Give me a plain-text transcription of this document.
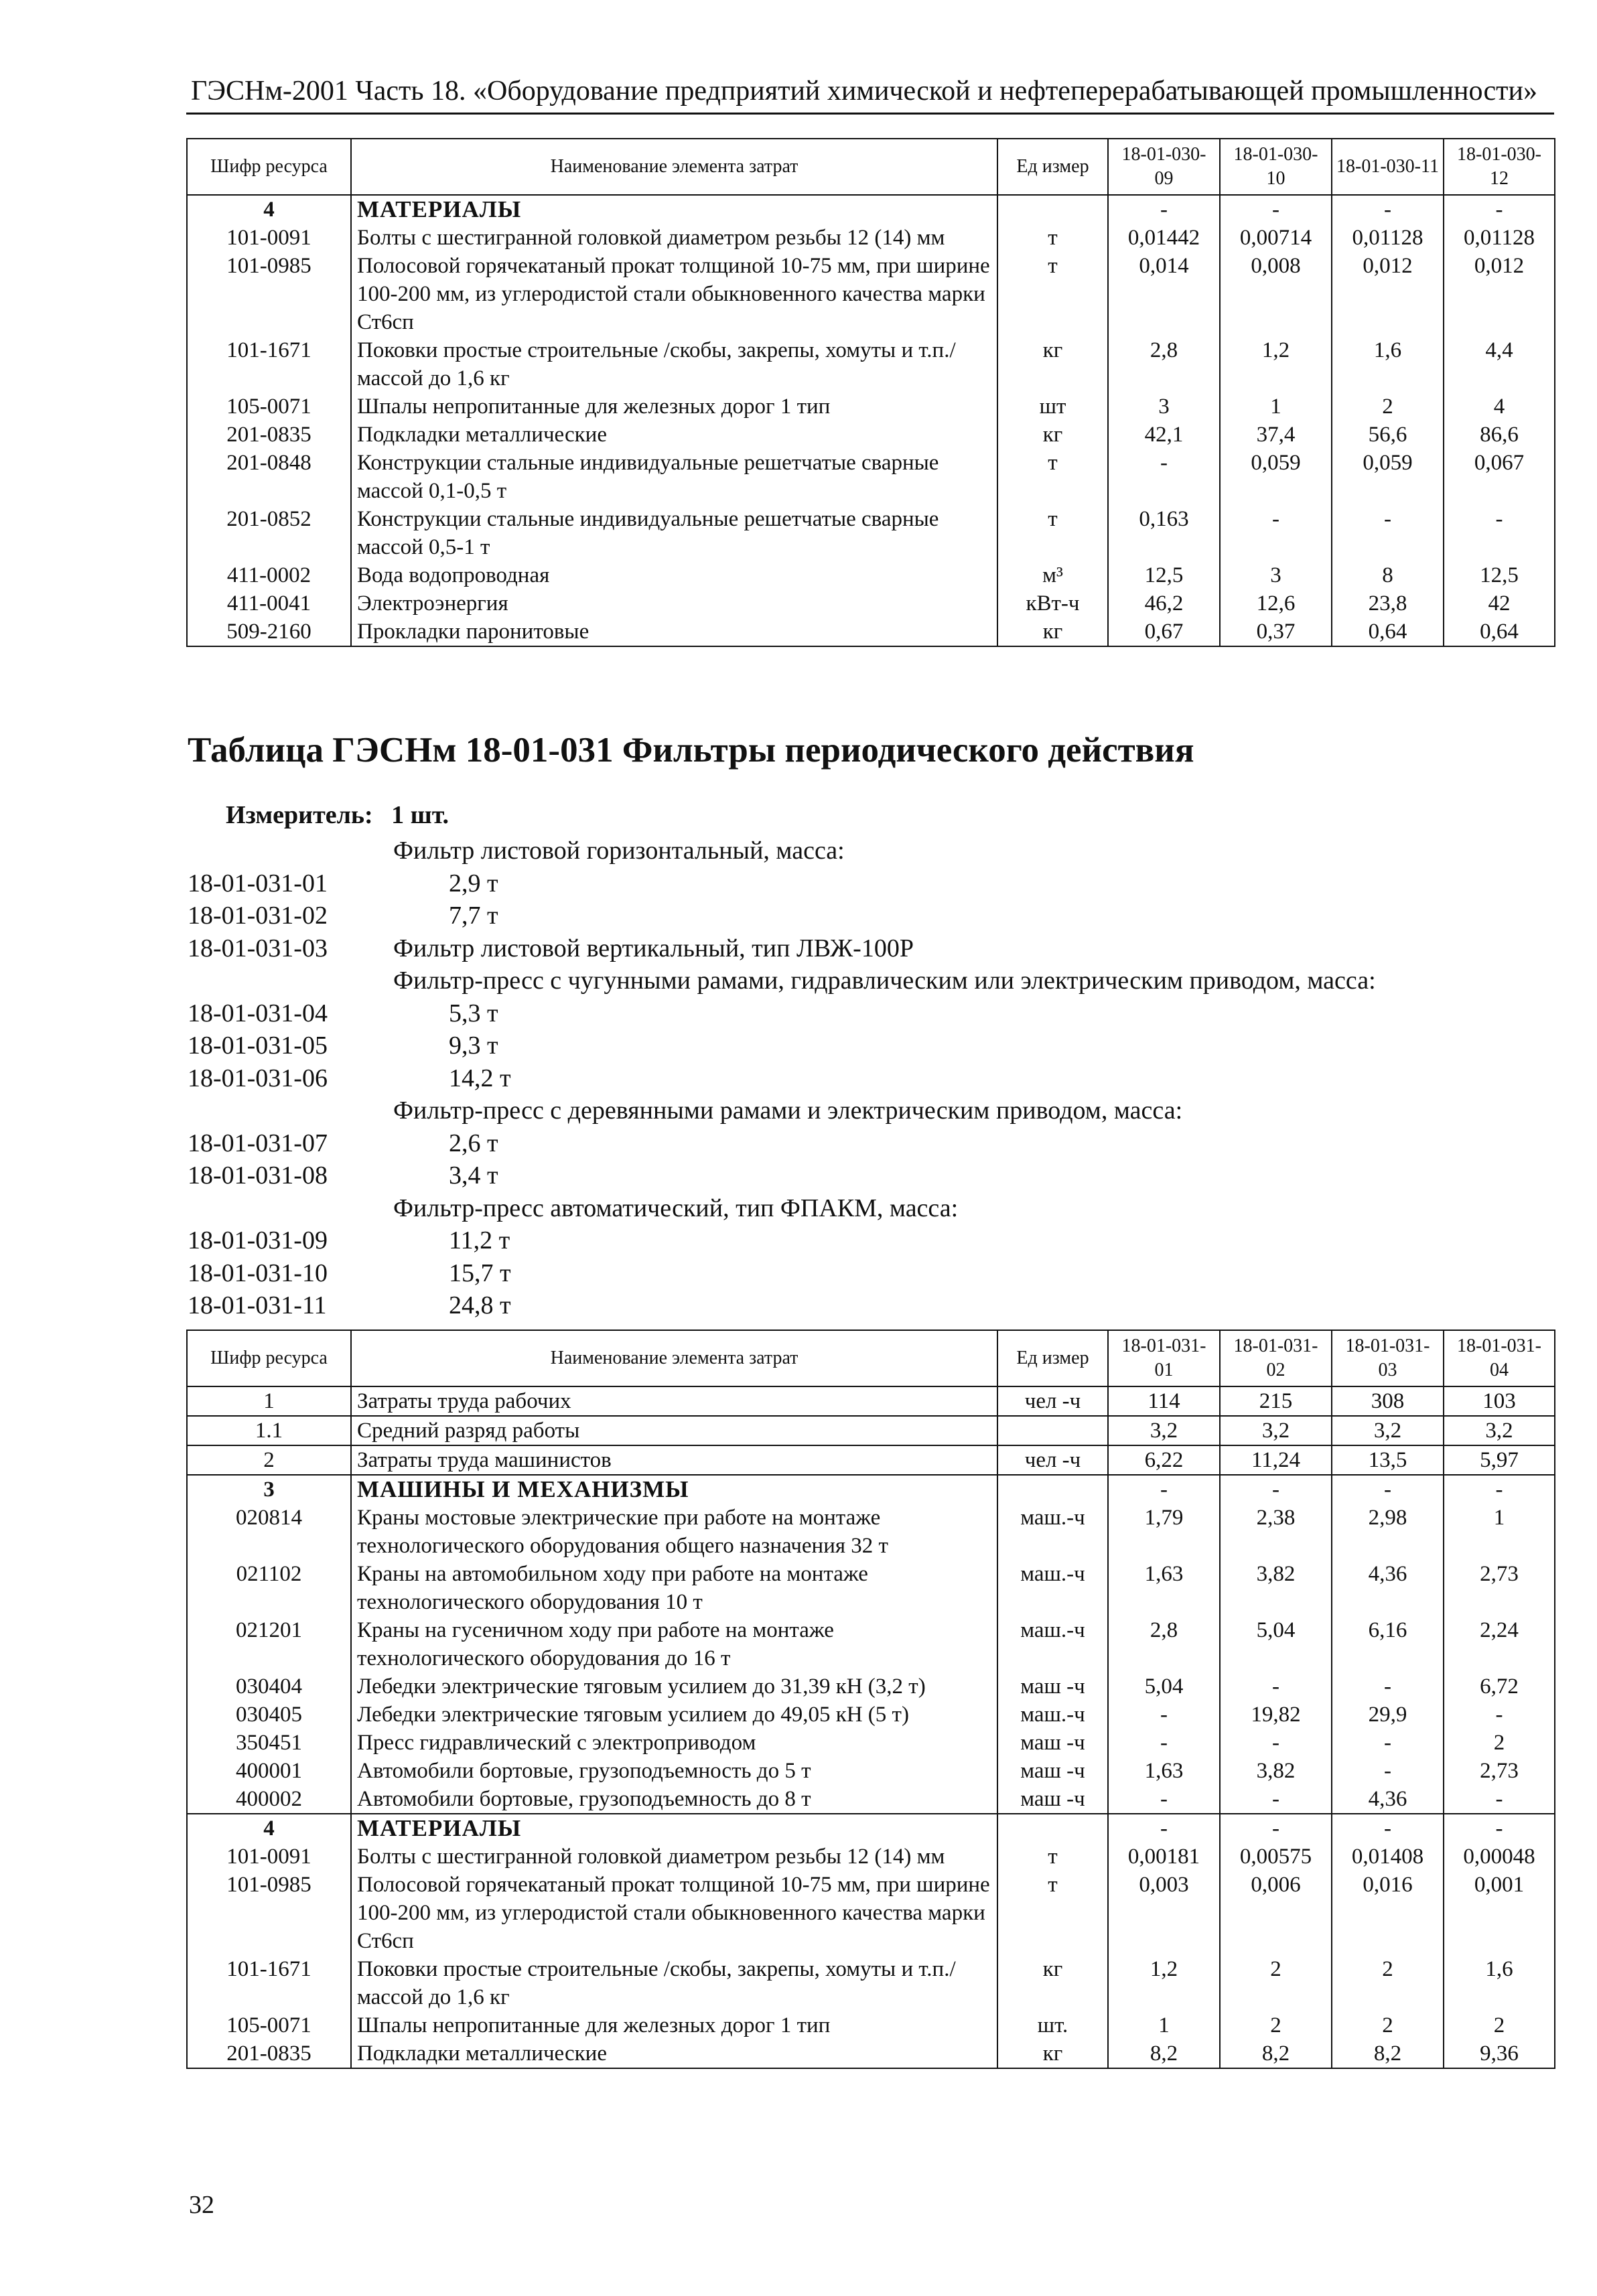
ГЭСНм-2001 Часть 18. «Оборудование предприятий химической и нефтеперерабатывающей промышленности»
Шифр ресурса	Наименование элемента затрат	Ед измер	18-01-030-09	18-01-030-10	18-01-030-11	18-01-030-12
4	МАТЕРИАЛЫ		-	-	-	-
101-0091	Болты с шестигранной головкой диаметром резьбы 12 (14) мм	т	0,01442	0,00714	0,01128	0,01128
101-0985	Полосовой горячекатаный прокат толщиной 10-75 мм, при ширине 100-200 мм, из углеродистой стали обыкновенного качества марки Ст6сп	т	0,014	0,008	0,012	0,012
101-1671	Поковки простые строительные /скобы, закрепы, хомуты и т.п./ массой до 1,6 кг	кг	2,8	1,2	1,6	4,4
105-0071	Шпалы непропитанные для железных дорог 1 тип	шт	3	1	2	4
201-0835	Подкладки металлические	кг	42,1	37,4	56,6	86,6
201-0848	Конструкции стальные индивидуальные решетчатые сварные массой 0,1-0,5 т	т	-	0,059	0,059	0,067
201-0852	Конструкции стальные индивидуальные решетчатые сварные массой 0,5-1 т	т	0,163	-	-	-
411-0002	Вода водопроводная	м³	12,5	3	8	12,5
411-0041	Электроэнергия	кВт-ч	46,2	12,6	23,8	42
509-2160	Прокладки паронитовые	кг	0,67	0,37	0,64	0,64
Таблица ГЭСНм 18-01-031 Фильтры периодического действия
Измеритель: 1 шт.
Фильтр листовой горизонтальный, масса:
18-01-031-01	2,9 т
18-01-031-02	7,7 т
18-01-031-03	Фильтр листовой вертикальный, тип ЛВЖ-100Р
Фильтр-пресс с чугунными рамами, гидравлическим или электрическим приводом, масса:
18-01-031-04	5,3 т
18-01-031-05	9,3 т
18-01-031-06	14,2 т
Фильтр-пресс с деревянными рамами и электрическим приводом, масса:
18-01-031-07	2,6 т
18-01-031-08	3,4 т
Фильтр-пресс автоматический, тип ФПАКМ, масса:
18-01-031-09	11,2 т
18-01-031-10	15,7 т
18-01-031-11	24,8 т
Шифр ресурса	Наименование элемента затрат	Ед измер	18-01-031-01	18-01-031-02	18-01-031-03	18-01-031-04
1	Затраты труда рабочих	чел -ч	114	215	308	103
1.1	Средний разряд работы		3,2	3,2	3,2	3,2
2	Затраты труда машинистов	чел -ч	6,22	11,24	13,5	5,97
3	МАШИНЫ И МЕХАНИЗМЫ		-	-	-	-
020814	Краны мостовые электрические при работе на монтаже технологического оборудования общего назначения 32 т	маш.-ч	1,79	2,38	2,98	1
021102	Краны на автомобильном ходу при работе на монтаже технологического оборудования 10 т	маш.-ч	1,63	3,82	4,36	2,73
021201	Краны на гусеничном ходу при работе на монтаже технологического оборудования до 16 т	маш.-ч	2,8	5,04	6,16	2,24
030404	Лебедки электрические тяговым усилием до 31,39 кН (3,2 т)	маш -ч	5,04	-	-	6,72
030405	Лебедки электрические тяговым усилием до 49,05 кН (5 т)	маш.-ч	-	19,82	29,9	-
350451	Пресс гидравлический с электроприводом	маш -ч	-	-	-	2
400001	Автомобили бортовые, грузоподъемность до 5 т	маш -ч	1,63	3,82	-	2,73
400002	Автомобили бортовые, грузоподъемность до 8 т	маш -ч	-	-	4,36	-
4	МАТЕРИАЛЫ		-	-	-	-
101-0091	Болты с шестигранной головкой диаметром резьбы 12 (14) мм	т	0,00181	0,00575	0,01408	0,00048
101-0985	Полосовой горячекатаный прокат толщиной 10-75 мм, при ширине 100-200 мм, из углеродистой стали обыкновенного качества марки Ст6сп	т	0,003	0,006	0,016	0,001
101-1671	Поковки простые строительные /скобы, закрепы, хомуты и т.п./ массой до 1,6 кг	кг	1,2	2	2	1,6
105-0071	Шпалы непропитанные для железных дорог 1 тип	шт.	1	2	2	2
201-0835	Подкладки металлические	кг	8,2	8,2	8,2	9,36
32
